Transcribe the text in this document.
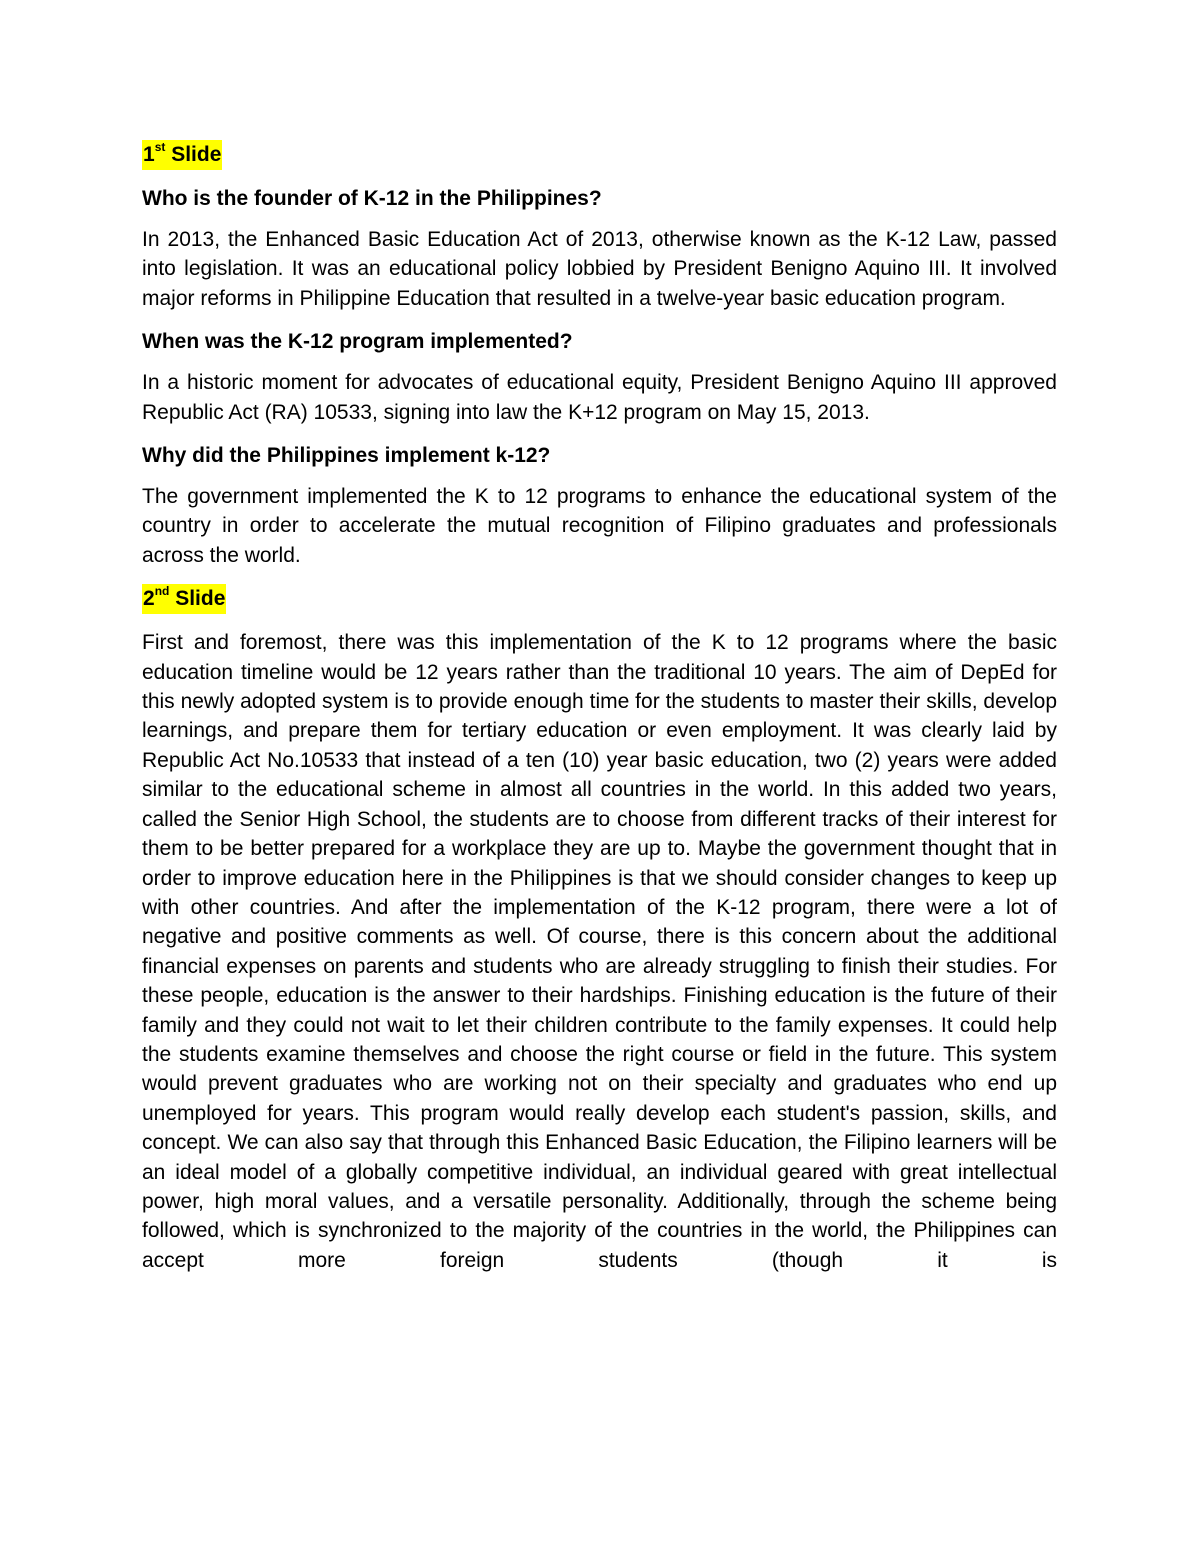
1st Slide
Who is the founder of K-12 in the Philippines?
In 2013, the Enhanced Basic Education Act of 2013, otherwise known as the K-12 Law, passed into legislation. It was an educational policy lobbied by President Benigno Aquino III. It involved major reforms in Philippine Education that resulted in a twelve-year basic education program.
When was the K-12 program implemented?
In a historic moment for advocates of educational equity, President Benigno Aquino III approved Republic Act (RA) 10533, signing into law the K+12 program on May 15, 2013.
Why did the Philippines implement k-12?
The government implemented the K to 12 programs to enhance the educational system of the country in order to accelerate the mutual recognition of Filipino graduates and professionals across the world.
2nd Slide
First and foremost, there was this implementation of the K to 12 programs where the basic education timeline would be 12 years rather than the traditional 10 years. The aim of DepEd for this newly adopted system is to provide enough time for the students to master their skills, develop learnings, and prepare them for tertiary education or even employment. It was clearly laid by Republic Act No.10533 that instead of a ten (10) year basic education, two (2) years were added similar to the educational scheme in almost all countries in the world. In this added two years, called the Senior High School, the students are to choose from different tracks of their interest for them to be better prepared for a workplace they are up to. Maybe the government thought that in order to improve education here in the Philippines is that we should consider changes to keep up with other countries. And after the implementation of the K-12 program, there were a lot of negative and positive comments as well. Of course, there is this concern about the additional financial expenses on parents and students who are already struggling to finish their studies. For these people, education is the answer to their hardships. Finishing education is the future of their family and they could not wait to let their children contribute to the family expenses. It could help the students examine themselves and choose the right course or field in the future. This system would prevent graduates who are working not on their specialty and graduates who end up unemployed for years. This program would really develop each student's passion, skills, and concept. We can also say that through this Enhanced Basic Education, the Filipino learners will be an ideal model of a globally competitive individual, an individual geared with great intellectual power, high moral values, and a versatile personality. Additionally, through the scheme being followed, which is synchronized to the majority of the countries in the world, the Philippines can accept more foreign students (though it is
